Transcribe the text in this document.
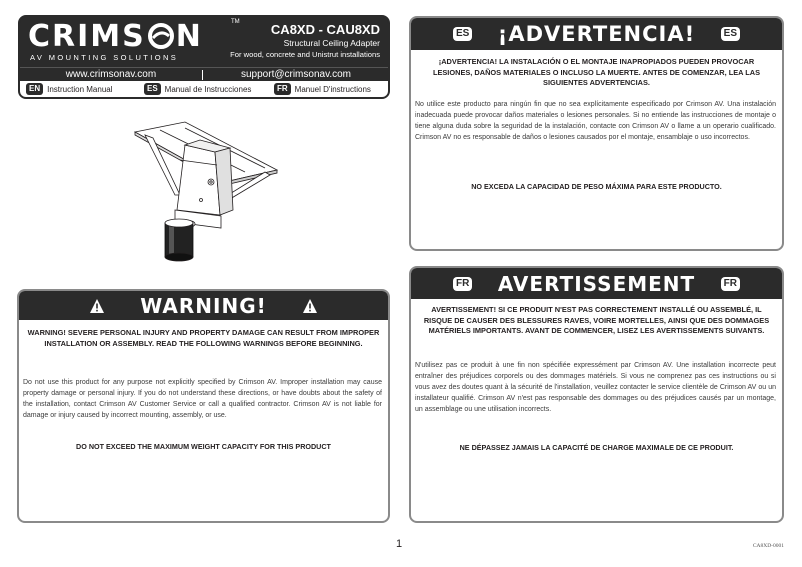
CRIMS N	TM
AV MOUNTING SOLUTIONS
CA8XD - CAU8XD
Structural Ceiling Adapter
For wood, concrete and Unistrut installations
www.crimsonav.com	support@crimsonav.com
EN Instruction Manual	ES Manual de Instrucciones	FR Manuel D'instructions
WARNING!
WARNING! SEVERE PERSONAL INJURY AND PROPERTY DAMAGE CAN RESULT FROM IMPROPER INSTALLATION OR ASSEMBLY. READ THE FOLLOWING WARNINGS BEFORE BEGINNING.
Do not use this product for any purpose not explicitly specified by Crimson AV. Improper installation may cause property damage or personal injury. If you do not understand these directions, or have doubts about the safety of the installation, contact Crimson AV Customer Service or call a qualified contractor. Crimson AV is not liable for damage or injury caused by incorrect mounting, assembly, or use.
DO NOT EXCEED THE MAXIMUM WEIGHT CAPACITY FOR THIS PRODUCT
ES ¡ADVERTENCIA!	ES
¡ADVERTENCIA! LA INSTALACIÓN O EL MONTAJE INAPROPIADOS PUEDEN PROVOCAR LESIONES, DAÑOS MATERIALES O INCLUSO LA MUERTE. ANTES DE COMENZAR, LEA LAS SIGUIENTES ADVERTENCIAS.
No utilice este producto para ningún fin que no sea explícitamente especificado por Crimson AV. Una instalación inadecuada puede provocar daños materiales o lesiones personales. Si no entiende las instrucciones de montaje o tiene alguna duda sobre la seguridad de la instalación, contacte con Crimson AV o llame a un operario cualificado. Crimson AV no es responsable de daños o lesiones causados por el montaje, ensamblaje o uso incorrectos.
NO EXCEDA LA CAPACIDAD DE PESO MÁXIMA PARA ESTE PRODUCTO.
FR AVERTISSEMENT	FR
AVERTISSEMENT! SI CE PRODUIT N'EST PAS CORRECTEMENT INSTALLÉ OU ASSEMBLÉ, IL RISQUE DE CAUSER DES BLESSURES RAVES, VOIRE MORTELLES, AINSI QUE DES DOMMAGES MATÉRIELS IMPORTANTS. AVANT DE COMMENCER, LISEZ LES AVERTISSEMENTS SUIVANTS.
N'utilisez pas ce produit à une fin non spécifiée expressément par Crimson AV. Une installation incorrecte peut entraîner des préjudices corporels ou des dommages matériels. Si vous ne comprenez pas ces instructions ou si vous avez des doutes quant à la sécurité de l'installation, veuillez contacter le service clientèle de Crimson AV ou un installateur qualifié. Crimson AV n'est pas responsable des dommages ou des préjudices causés par un montage, un assemblage ou une utilisation incorrects.
NE DÉPASSEZ JAMAIS LA CAPACITÉ DE CHARGE MAXIMALE DE CE PRODUIT.
1	CA8XD-0001
